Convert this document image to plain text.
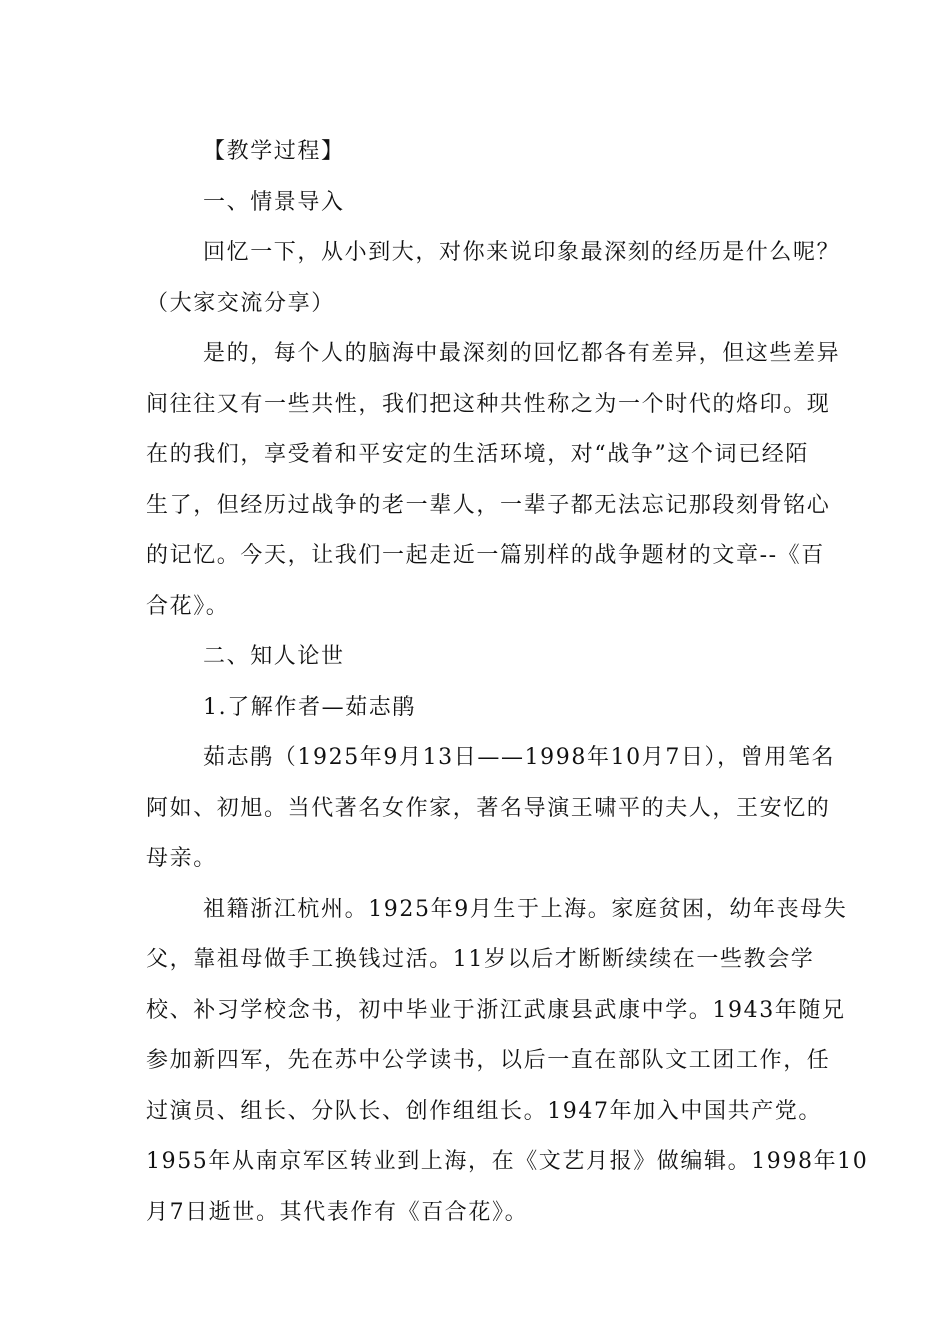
【教学过程】
一、情景导入
回忆一下，从小到大，对你来说印象最深刻的经历是什么呢？
（大家交流分享）
是的，每个人的脑海中最深刻的回忆都各有差异，但这些差异
间往往又有一些共性，我们把这种共性称之为一个时代的烙印。现
在的我们，享受着和平安定的生活环境，对“战争”这个词已经陌
生了，但经历过战争的老一辈人，一辈子都无法忘记那段刻骨铭心
的记忆。今天，让我们一起走近一篇别样的战争题材的文章--《百
合花》。
二、知人论世
1.了解作者—茹志鹃
茹志鹃（1925年9月13日——1998年10月7日），曾用笔名
阿如、初旭。当代著名女作家，著名导演王啸平的夫人，王安忆的
母亲。
祖籍浙江杭州。1925年9月生于上海。家庭贫困，幼年丧母失
父，靠祖母做手工换钱过活。11岁以后才断断续续在一些教会学
校、补习学校念书，初中毕业于浙江武康县武康中学。1943年随兄
参加新四军，先在苏中公学读书，以后一直在部队文工团工作，任
过演员、组长、分队长、创作组组长。1947年加入中国共产党。
1955年从南京军区转业到上海，在《文艺月报》做编辑。1998年10
月7日逝世。其代表作有《百合花》。
